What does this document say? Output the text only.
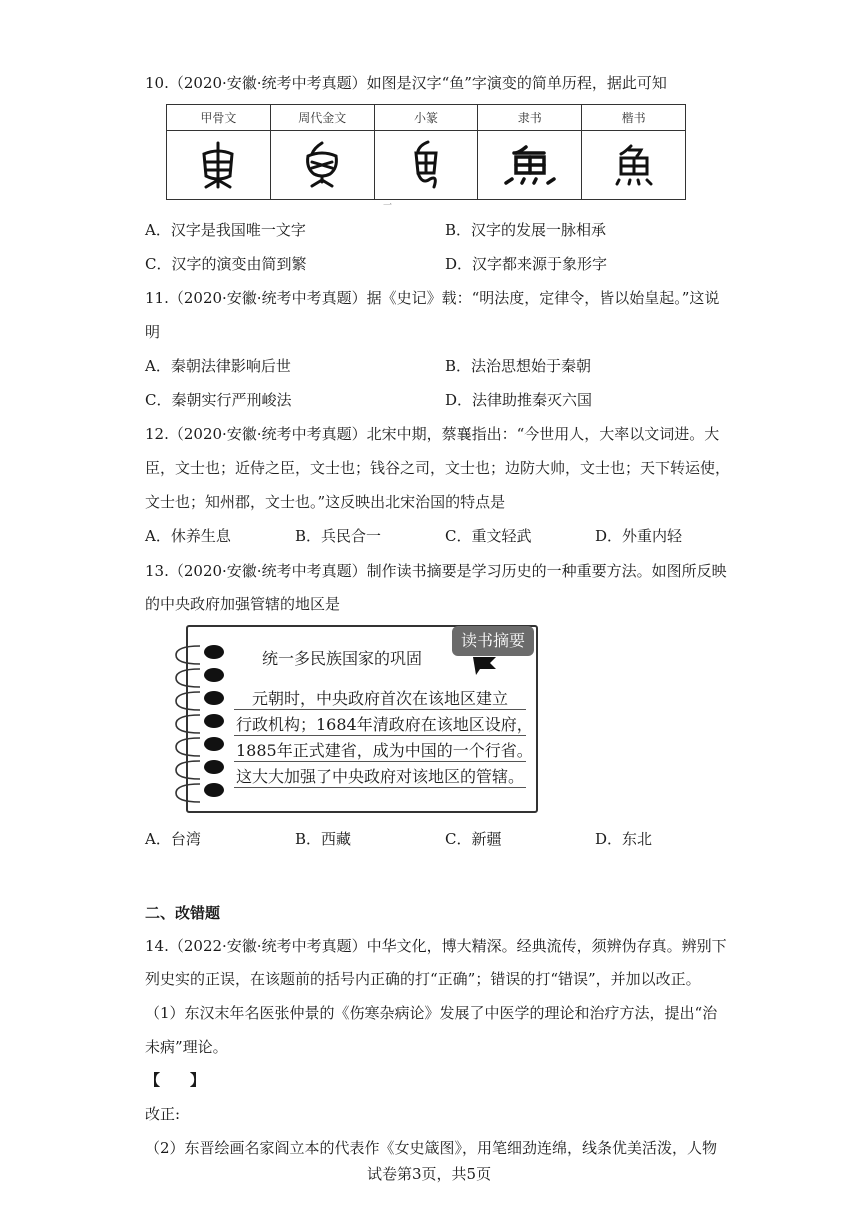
10.（2020·安徽·统考中考真题）如图是汉字“鱼”字演变的简单历程，据此可知
甲骨文	周代金文	小篆	隶书	楷书

一
A．汉字是我国唯一文字	B．汉字的发展一脉相承
C．汉字的演变由简到繁	D．汉字都来源于象形字
11.（2020·安徽·统考中考真题）据《史记》载：“明法度，定律令，皆以始皇起。”这说
明
A．秦朝法律影响后世	B．法治思想始于秦朝
C．秦朝实行严刑峻法	D．法律助推秦灭六国
12.（2020·安徽·统考中考真题）北宋中期，蔡襄指出：“今世用人，大率以文词进。大
臣，文士也；近侍之臣，文士也；钱谷之司，文士也；边防大帅，文士也；天下转运使，
文士也；知州郡，文士也。”这反映出北宋治国的特点是
A．休养生息	B．兵民合一	C．重文轻武	D．外重内轻
13.（2020·安徽·统考中考真题）制作读书摘要是学习历史的一种重要方法。如图所反映
的中央政府加强管辖的地区是
读书摘要
统一多民族国家的巩固
　元朝时，中央政府首次在该地区建立
行政机构；1684年清政府在该地区设府，
1885年正式建省，成为中国的一个行省。
这大大加强了中央政府对该地区的管辖。
A．台湾	B．西藏	C．新疆	D．东北
二、改错题
14.（2022·安徽·统考中考真题）中华文化，博大精深。经典流传，须辨伪存真。辨别下
列史实的正误，在该题前的括号内正确的打“正确”；错误的打“错误”，并加以改正。
（1）东汉末年名医张仲景的《伤寒杂病论》发展了中医学的理论和治疗方法，提出“治
未病”理论。
【　　】
改正:
（2）东晋绘画名家阎立本的代表作《女史箴图》，用笔细劲连绵，线条优美活泼，人物
试卷第3页，共5页
